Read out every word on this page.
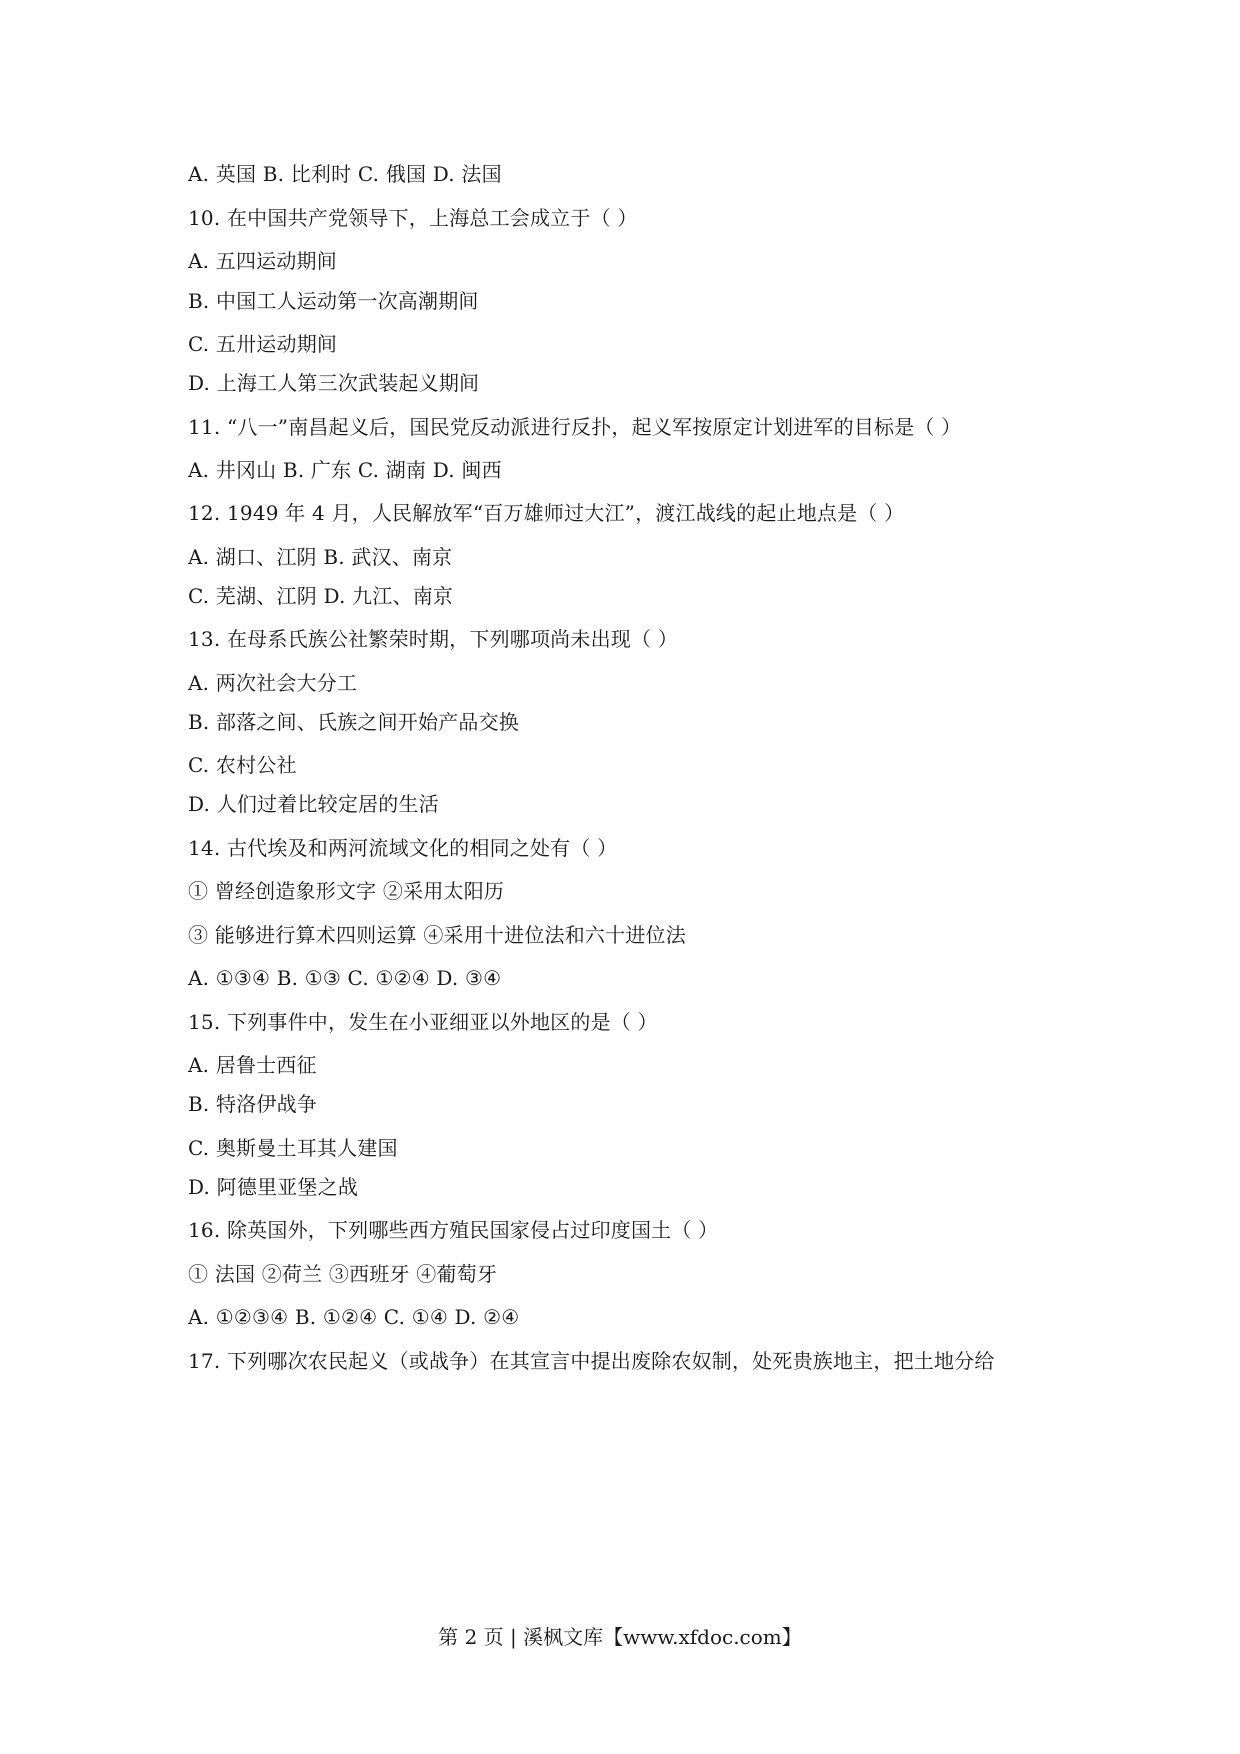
A. 英国 B. 比利时 C. 俄国 D. 法国
10. 在中国共产党领导下，上海总工会成立于（ ）
A. 五四运动期间
B. 中国工人运动第一次高潮期间
C. 五卅运动期间
D. 上海工人第三次武装起义期间
11. “八一”南昌起义后，国民党反动派进行反扑，起义军按原定计划进军的目标是（ ）
A. 井冈山 B. 广东 C. 湖南 D. 闽西
12. 1949 年 4 月，人民解放军“百万雄师过大江”，渡江战线的起止地点是（ ）
A. 湖口、江阴 B. 武汉、南京
C. 芜湖、江阴 D. 九江、南京
13. 在母系氏族公社繁荣时期，下列哪项尚未出现（ ）
A. 两次社会大分工
B. 部落之间、氏族之间开始产品交换
C. 农村公社
D. 人们过着比较定居的生活
14. 古代埃及和两河流域文化的相同之处有（ ）
① 曾经创造象形文字 ②采用太阳历
③ 能够进行算术四则运算 ④采用十进位法和六十进位法
A. ①③④ B. ①③ C. ①②④ D. ③④
15. 下列事件中，发生在小亚细亚以外地区的是（ ）
A. 居鲁士西征
B. 特洛伊战争
C. 奥斯曼土耳其人建国
D. 阿德里亚堡之战
16. 除英国外，下列哪些西方殖民国家侵占过印度国土（ ）
① 法国 ②荷兰 ③西班牙 ④葡萄牙
A. ①②③④ B. ①②④ C. ①④ D. ②④
17. 下列哪次农民起义（或战争）在其宣言中提出废除农奴制，处死贵族地主，把土地分给
第 2 页 | 溪枫文库【www.xfdoc.com】
